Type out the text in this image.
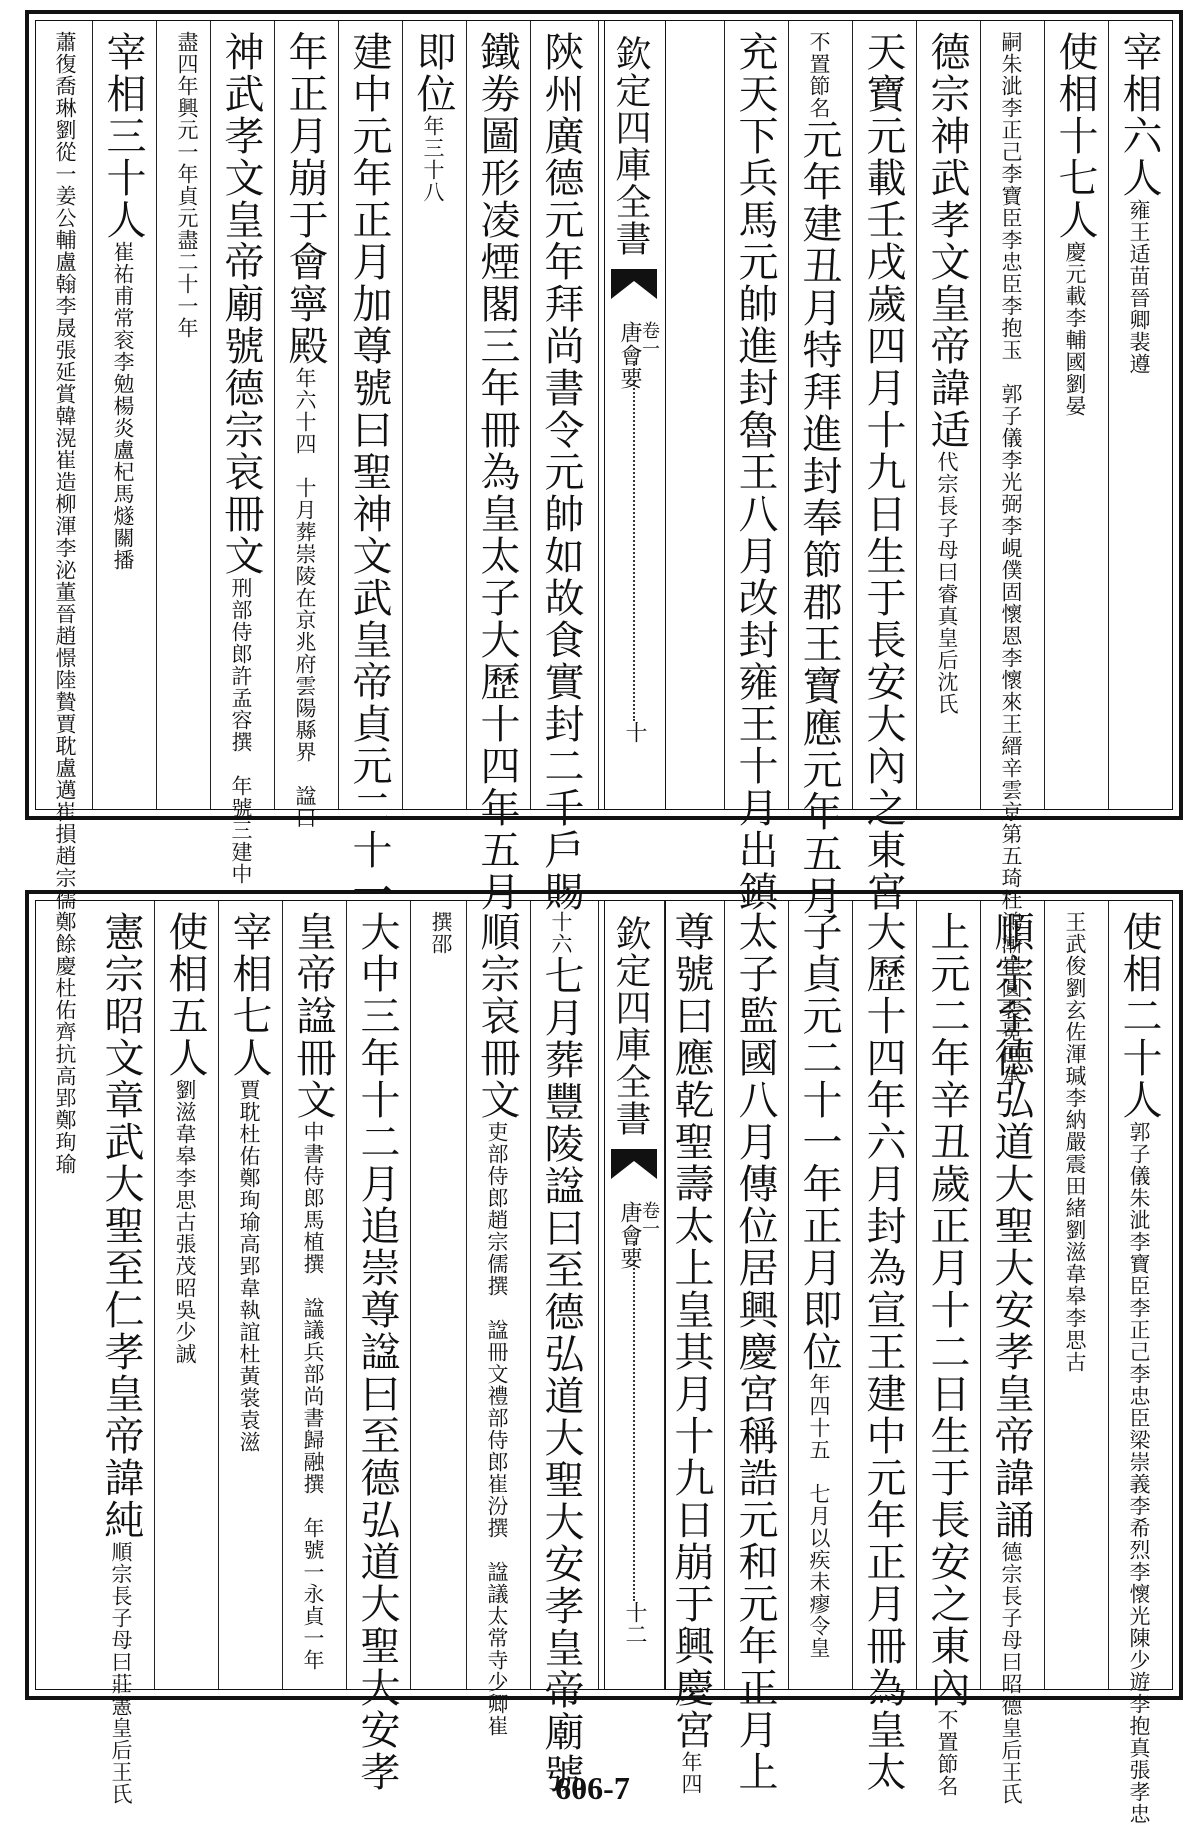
宰相六人雍王适苗晉卿裴遵
使相十七人慶元載李輔國劉晏
嗣朱泚李正己李寶臣李忠臣李抱玉　郭子儀李光弼李峴僕固懷恩李懷來王縉辛雲京第五琦杜鴻漸崔圓裴冕田承
德宗神武孝文皇帝諱适代宗長子母曰睿真皇后沈氏
天寶元載壬戌歲四月十九日生于長安大內之東宮
不置節名元年建丑月特拜進封奉節郡王寶應元年五月
充天下兵馬元帥進封魯王八月改封雍王十月出鎮
欽定四庫全書
唐會要
卷一
十
陝州廣德元年拜尚書令元帥如故食實封二千戶賜
鐵劵圖形凌煙閣三年冊為皇太子大歷十四年五月
即位年三十八
建中元年正月加尊號曰聖神文武皇帝貞元二十一
年正月崩于會寧殿年六十四　十月葬崇陵在京兆府雲陽縣界　諡曰
神武孝文皇帝廟號德宗哀冊文刑部侍郎許孟容撰　年號三建中
盡四年興元一年貞元盡二十一年
宰相三十人崔祐甫常衮李勉楊炎盧杞馬燧關播
蕭復喬琳劉從一姜公輔盧翰李晟張延賞韓滉崔造柳渾李泌董晉趙憬陸贄賈耽盧邁崔損趙宗儒鄭餘慶杜佑齊抗高郢鄭珣瑜	使相二十人郭子儀朱泚李寶臣李正己李忠臣梁崇義李希烈李懷光陳少遊李抱真張孝忠
王武俊劉玄佐渾瑊李納嚴震田緒劉滋韋皋李思古
順宗至德弘道大聖大安孝皇帝諱誦德宗長子母曰昭德皇后王氏
上元二年辛丑歲正月十二日生于長安之東內不置節名
大歷十四年六月封為宣王建中元年正月冊為皇太
子貞元二十一年正月即位年四十五　七月以疾未瘳令皇
太子監國八月傳位居興慶宮稱誥元和元年正月上
尊號曰應乾聖壽太上皇其月十九日崩于興慶宮年四
欽定四庫全書
唐會要
卷一
十二
十六七月葬豐陵諡曰至德弘道大聖大安孝皇帝廟號
順宗哀冊文吏部侍郎趙宗儒撰　諡冊文禮部侍郎崔汾撰　諡議太常寺少卿崔
撰邵
大中三年十二月追崇尊諡曰至德弘道大聖大安孝
皇帝諡冊文中書侍郎馬植撰　諡議兵部尚書歸融撰　年號一永貞一年
宰相七人賈耽杜佑鄭珣瑜高郢韋執誼杜黃裳袁滋
使相五人劉滋韋皋李思古張茂昭吳少誠
憲宗昭文章武大聖至仁孝皇帝諱純順宗長子母曰莊憲皇后王氏	606-7
